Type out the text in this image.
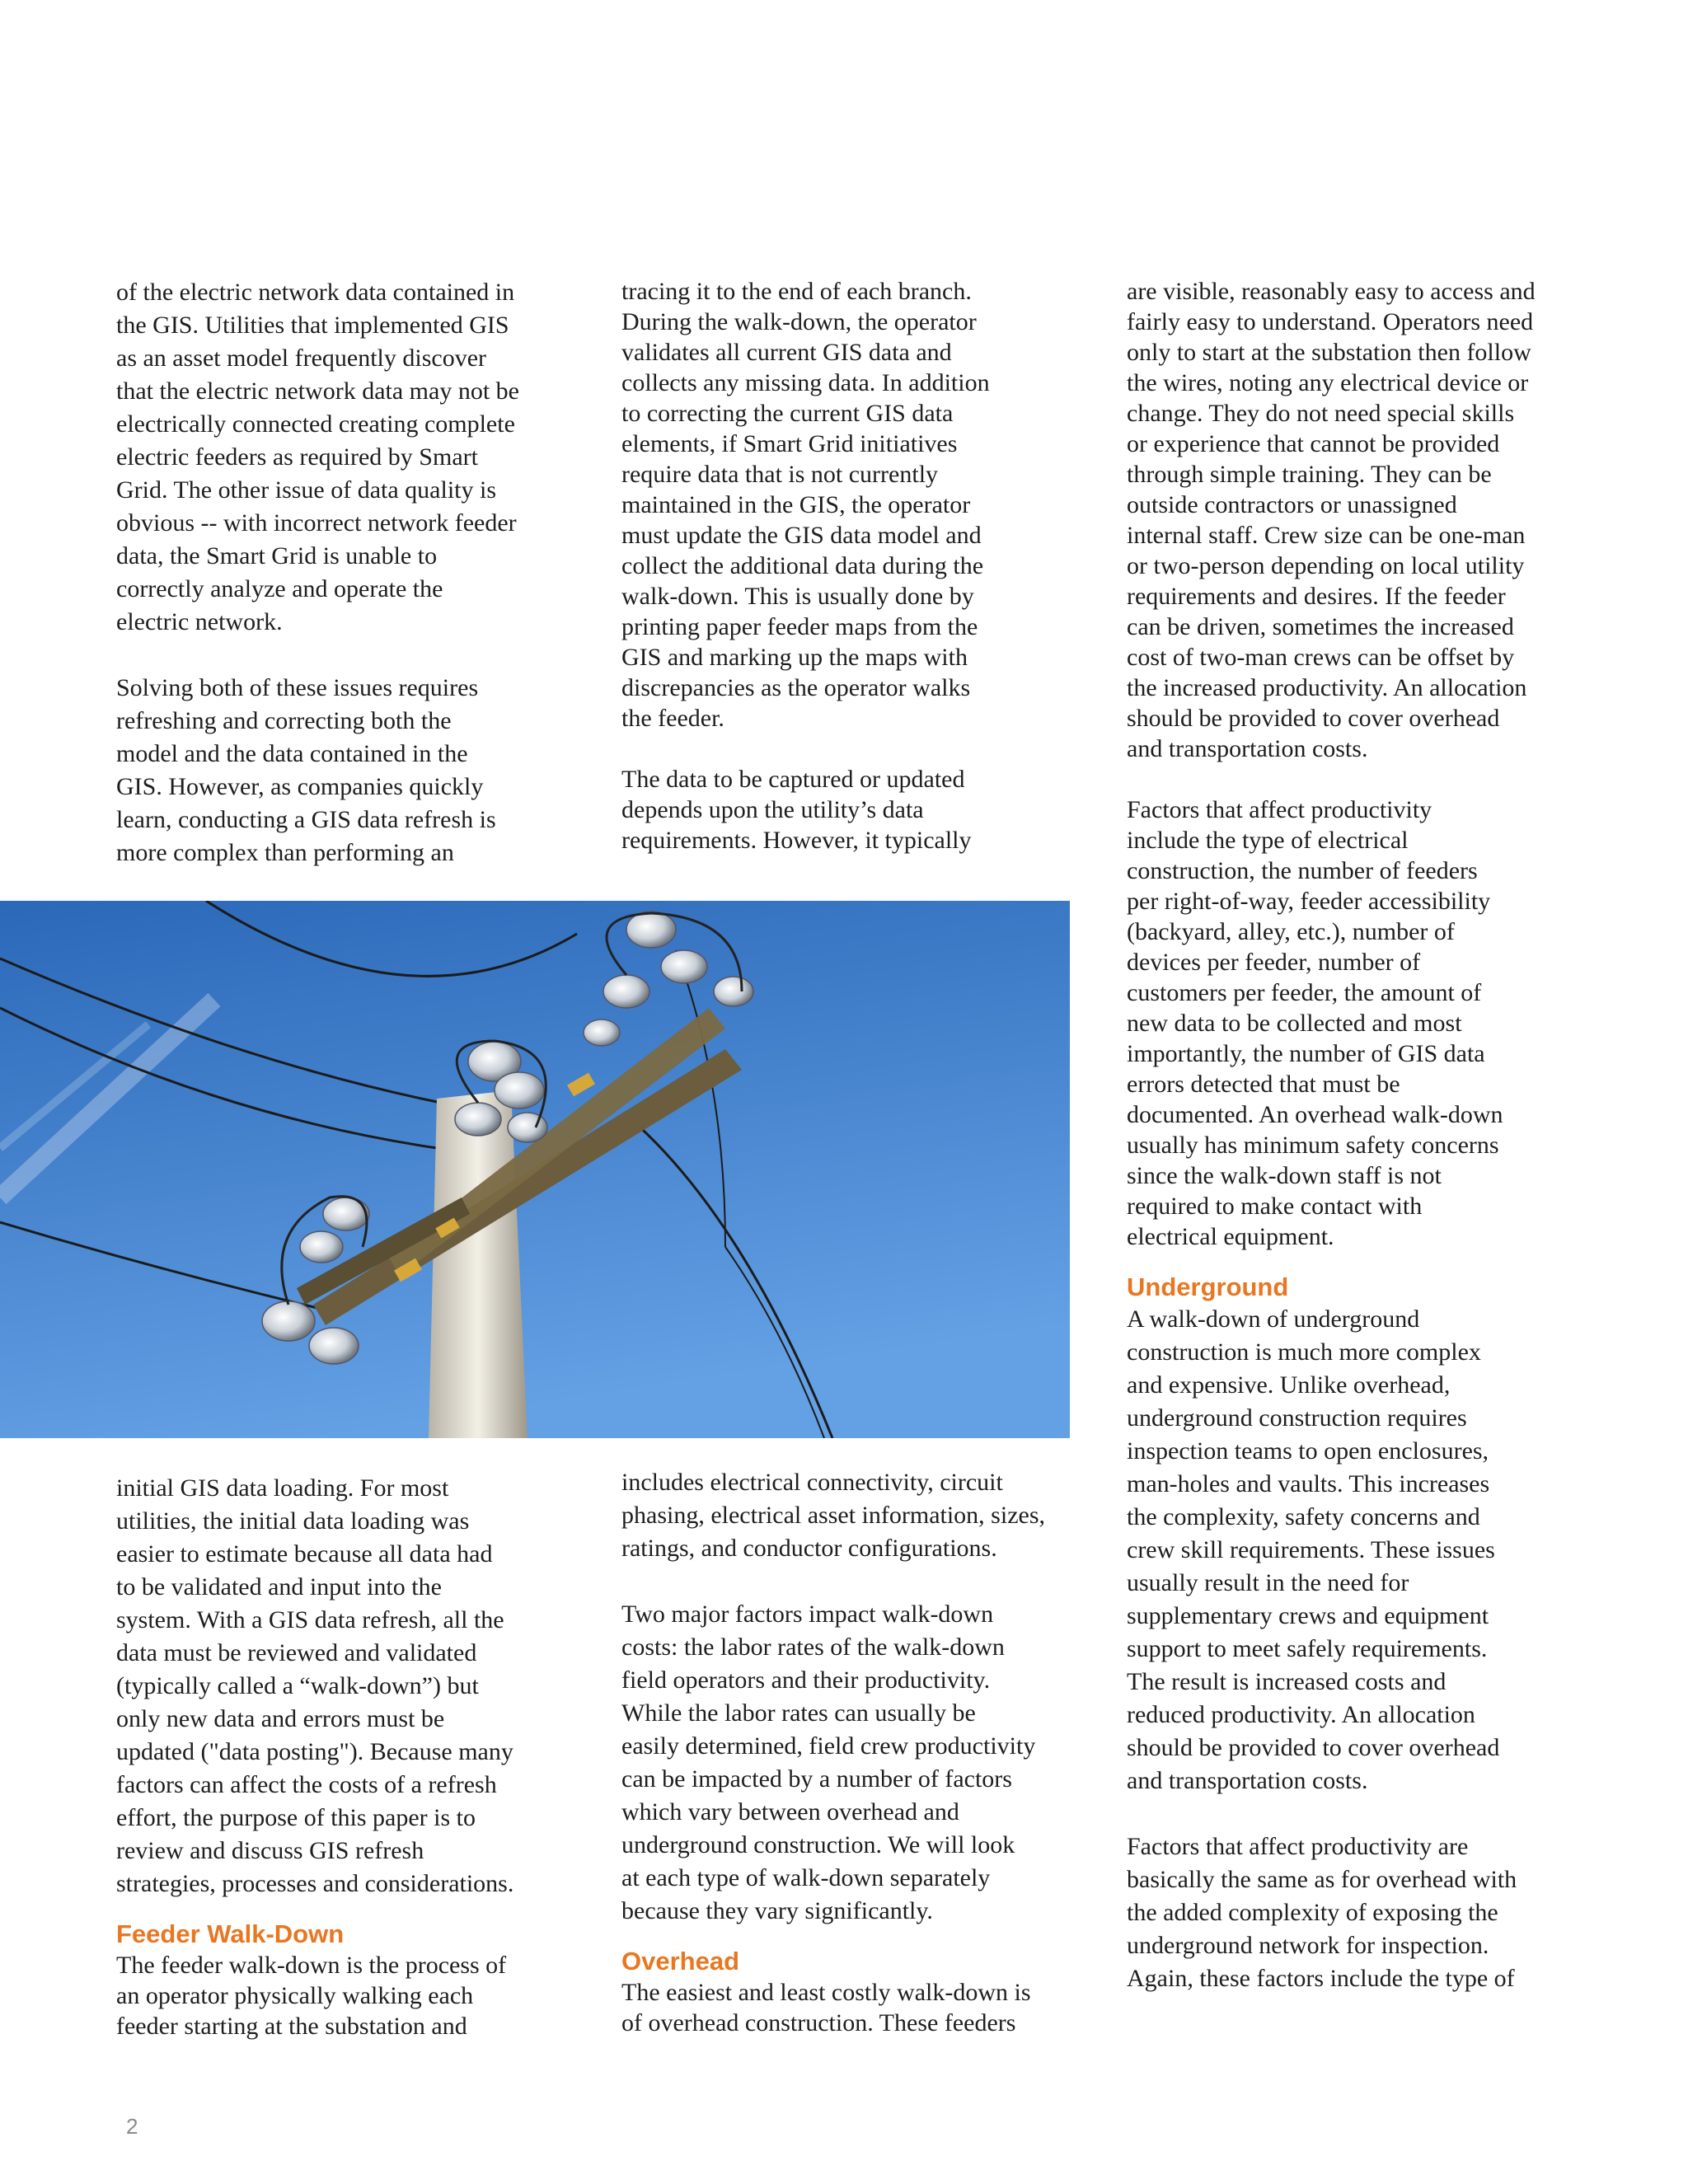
of the electric network data contained in
the GIS. Utilities that implemented GIS
as an asset model frequently discover
that the electric network data may not be
electrically connected creating complete
electric feeders as required by Smart
Grid. The other issue of data quality is
obvious -- with incorrect network feeder
data, the Smart Grid is unable to
correctly analyze and operate the
electric network.

Solving both of these issues requires
refreshing and correcting both the
model and the data contained in the
GIS. However, as companies quickly
learn, conducting a GIS data refresh is
more complex than performing an
tracing it to the end of each branch.
During the walk-down, the operator
validates all current GIS data and
collects any missing data. In addition
to correcting the current GIS data
elements, if Smart Grid initiatives
require data that is not currently
maintained in the GIS, the operator
must update the GIS data model and
collect the additional data during the
walk-down. This is usually done by
printing paper feeder maps from the
GIS and marking up the maps with
discrepancies as the operator walks
the feeder.

The data to be captured or updated
depends upon the utility’s data
requirements. However, it typically
are visible, reasonably easy to access and
fairly easy to understand. Operators need
only to start at the substation then follow
the wires, noting any electrical device or
change. They do not need special skills
or experience that cannot be provided
through simple training. They can be
outside contractors or unassigned
internal staff. Crew size can be one-man
or two-person depending on local utility
requirements and desires. If the feeder
can be driven, sometimes the increased
cost of two-man crews can be offset by
the increased productivity. An allocation
should be provided to cover overhead
and transportation costs.

Factors that affect productivity
include the type of electrical
construction, the number of feeders
per right-of-way, feeder accessibility
(backyard, alley, etc.), number of
devices per feeder, number of
customers per feeder, the amount of
new data to be collected and most
importantly, the number of GIS data
errors detected that must be
documented. An overhead walk-down
usually has minimum safety concerns
since the walk-down staff is not
required to make contact with
electrical equipment.

Underground

A walk-down of underground
construction is much more complex
and expensive. Unlike overhead,
underground construction requires
inspection teams to open enclosures,
man-holes and vaults. This increases
the complexity, safety concerns and
crew skill requirements. These issues
usually result in the need for
supplementary crews and equipment
support to meet safely requirements.
The result is increased costs and
reduced productivity. An allocation
should be provided to cover overhead
and transportation costs.

Factors that affect productivity are
basically the same as for overhead with
the added complexity of exposing the
underground network for inspection.
Again, these factors include the type of
initial GIS data loading. For most
utilities, the initial data loading was
easier to estimate because all data had
to be validated and input into the
system. With a GIS data refresh, all the
data must be reviewed and validated
(typically called a “walk-down”) but
only new data and errors must be
updated ("data posting"). Because many
factors can affect the costs of a refresh
effort, the purpose of this paper is to
review and discuss GIS refresh
strategies, processes and considerations.

Feeder Walk-Down

The feeder walk-down is the process of
an operator physically walking each
feeder starting at the substation and
includes electrical connectivity, circuit
phasing, electrical asset information, sizes,
ratings, and conductor configurations.

Two major factors impact walk-down
costs: the labor rates of the walk-down
field operators and their productivity.
While the labor rates can usually be
easily determined, field crew productivity
can be impacted by a number of factors
which vary between overhead and
underground construction. We will look
at each type of walk-down separately
because they vary significantly.

Overhead

The easiest and least costly walk-down is
of overhead construction. These feeders
2
